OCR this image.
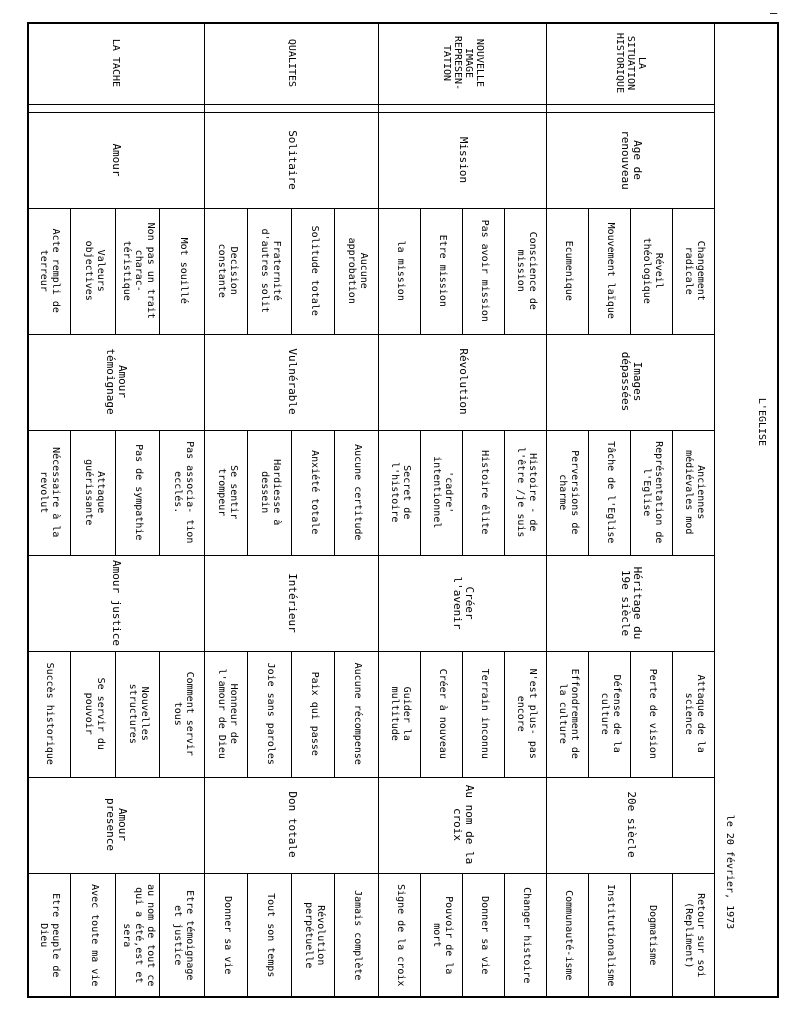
—
L'EGLISE
le 20 février, 1973
LA
SITUATION
HISTORIQUE
NOUVELLE
IMAGE
REPRESEN-
TATION
QUALITES
LA TACHE
Age de
renouveau
Changement
radicale
Réveil
théologique
Mouvement laïque
Ecumenique
Mission
Conscience de
mission
Pas avoir mission
Etre mission
la mission
Solitaire
Aucune
approbation
Solitude totale
Fraternité
d'autres solit
Decision
constante
Amour
Mot souillé
Non pas un trait
charac-
téristique
Valeurs
objectives
Acte rempli de
terreur
Images
dépassées
Anciennes
médiévales mod
Représentation de
l'Eglise
Tâche de l'Eglise
Perversions de
charme
Révolution
Histoire - de
l'être /je suis
Histoire élite
'cadre'
intentionnel
Secret de
l'histoire
Vulnérable
Aucune certitude
Anxiété totale
Hardiesse à
dessein
Se sentir
trompeur
Amour
témoignage
Pas associa- tion
ecclés.
Pas de sympathie
Attaque
guérissante
Nécessaire à la
revolut
Héritage du
19e siècle
Attaque de la
science
Perte de vision
Défense de la
culture
Effondrement de
la culture
Créer
l'avenir
N'est plus- pas
encore
Terrain inconnu
Créer à nouveau
Guider la
multitude
Intérieur
Aucune récompense
Paix qui passe
Joie sans paroles
Honneur de
l'amour de Dieu
Amour justice
Comment servir
tous
Nouvelles
structures
Se servir du
pouvoir
Succès historique
20e siècle
Retour sur soi
(Repliment)
Dogmatisme
Institutionalisme
Communauté-isme
Au nom de la
croix
Changer histoire
Donner sa vie
Pouvoir de la
mort
Signe de la croix
Don totale
Jamais complète
Révolution
perpétuelle
Tout son temps
Donner sa vie
Amour
presence
Etre témoignage
et justice
au nom de tout ce
qui a été,est et
sera
Avec toute ma vie
Etre peuple de
Dieu
